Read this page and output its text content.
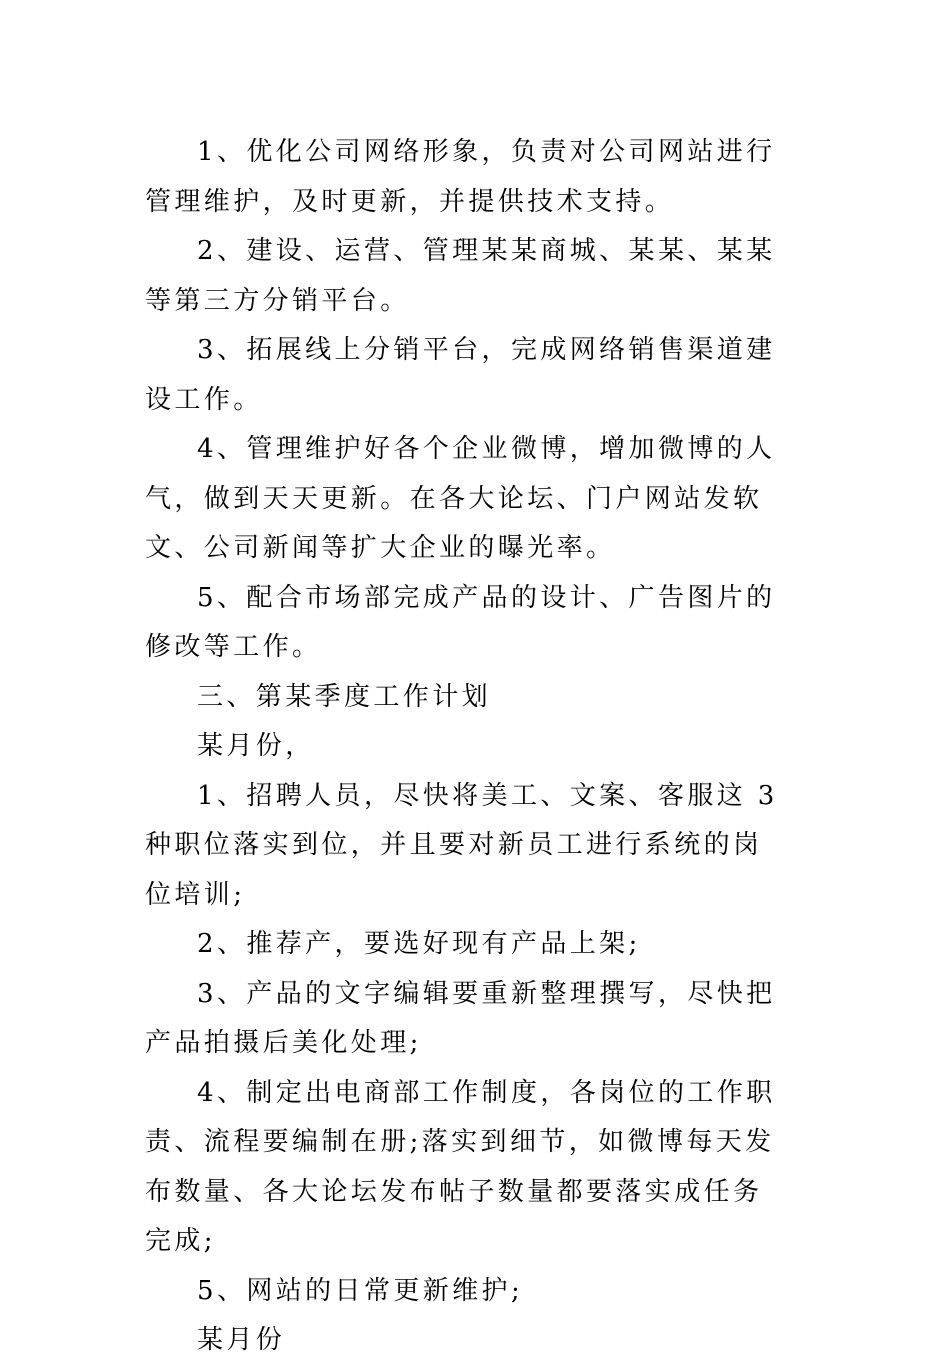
1、优化公司网络形象，负责对公司网站进行管理维护，及时更新，并提供技术支持。

2、建设、运营、管理某某商城、某某、某某等第三方分销平台。

3、拓展线上分销平台，完成网络销售渠道建设工作。

4、管理维护好各个企业微博，增加微博的人气，做到天天更新。在各大论坛、门户网站发软文、公司新闻等扩大企业的曝光率。

5、配合市场部完成产品的设计、广告图片的修改等工作。

三、第某季度工作计划

某月份，

1、招聘人员，尽快将美工、文案、客服这 3 种职位落实到位，并且要对新员工进行系统的岗位培训;

2、推荐产，要选好现有产品上架;

3、产品的文字编辑要重新整理撰写，尽快把产品拍摄后美化处理;

4、制定出电商部工作制度，各岗位的工作职责、流程要编制在册;落实到细节，如微博每天发布数量、各大论坛发布帖子数量都要落实成任务完成;

5、网站的日常更新维护;

某月份
